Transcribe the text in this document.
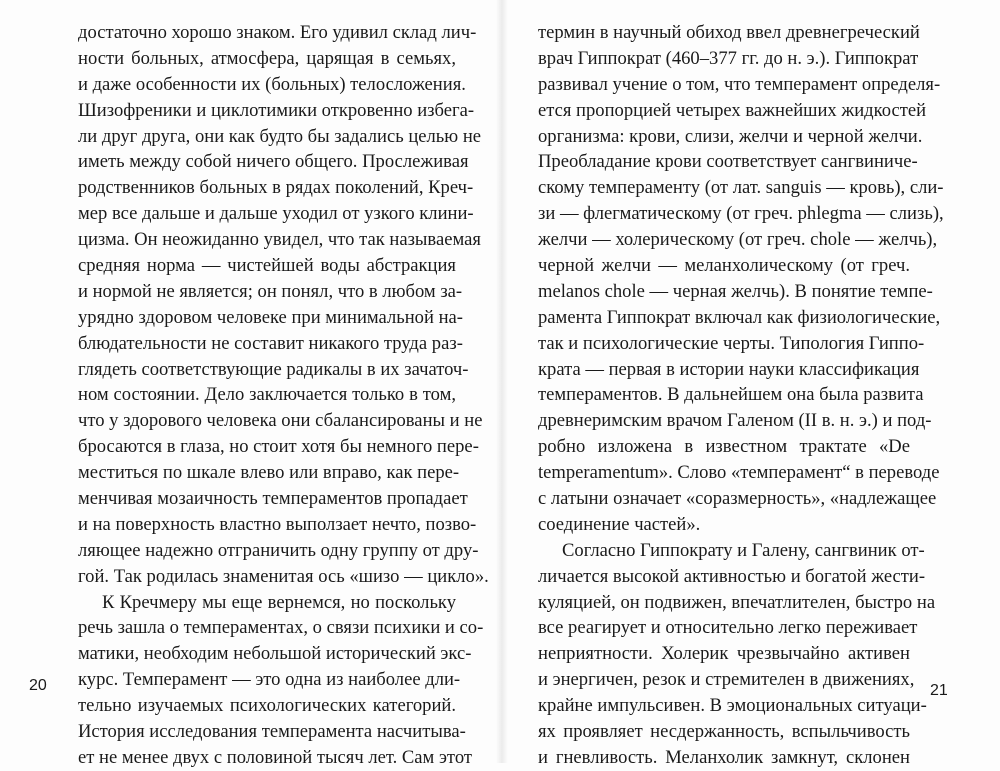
достаточно хорошо знаком. Его удивил склад лич-
ности больных, атмосфера, царящая в семьях,
и даже особенности их (больных) телосложения.
Шизофреники и циклотимики откровенно избега-
ли друг друга, они как будто бы задались целью не
иметь между собой ничего общего. Прослеживая
родственников больных в рядах поколений, Креч-
мер все дальше и дальше уходил от узкого клини-
цизма. Он неожиданно увидел, что так называемая
средняя норма — чистейшей воды абстракция
и нормой не является; он понял, что в любом за-
урядно здоровом человеке при минимальной на-
блюдательности не составит никакого труда раз-
глядеть соответствующие радикалы в их зачаточ-
ном состоянии. Дело заключается только в том,
что у здорового человека они сбалансированы и не
бросаются в глаза, но стоит хотя бы немного пере-
меститься по шкале влево или вправо, как пере-
менчивая мозаичность темпераментов пропадает
и на поверхность властно выползает нечто, позво-
ляющее надежно отграничить одну группу от дру-
гой. Так родилась знаменитая ось «шизо — цикло».
К Кречмеру мы еще вернемся, но поскольку
речь зашла о темпераментах, о связи психики и со-
матики, необходим небольшой исторический экс-
курс. Темперамент — это одна из наиболее дли-
тельно изучаемых психологических категорий.
История исследования темперамента насчитыва-
ет не менее двух с половиной тысяч лет. Сам этот
термин в научный обиход ввел древнегреческий
врач Гиппократ (460–377 гг. до н. э.). Гиппократ
развивал учение о том, что темперамент определя-
ется пропорцией четырех важнейших жидкостей
организма: крови, слизи, желчи и черной желчи.
Преобладание крови соответствует сангвиниче-
скому темпераменту (от лат. sanguis — кровь), сли-
зи — флегматическому (от греч. phlegma — слизь),
желчи — холерическому (от греч. chole — желчь),
черной желчи — меланхолическому (от греч.
melanos chole — черная желчь). В понятие темпе-
рамента Гиппократ включал как физиологические,
так и психологические черты. Типология Гиппо-
крата — первая в истории науки классификация
темпераментов. В дальнейшем она была развита
древнеримским врачом Галеном (II в. н. э.) и под-
робно изложена в известном трактате «De
temperamentum». Слово «темперамент“ в переводе
с латыни означает «соразмерность», «надлежащее
соединение частей».
Согласно Гиппократу и Галену, сангвиник от-
личается высокой активностью и богатой жести-
куляцией, он подвижен, впечатлителен, быстро на
все реагирует и относительно легко переживает
неприятности. Холерик чрезвычайно активен
и энергичен, резок и стремителен в движениях,
крайне импульсивен. В эмоциональных ситуаци-
ях проявляет несдержанность, вспыльчивость
и гневливость. Меланхолик замкнут, склонен
20	21
